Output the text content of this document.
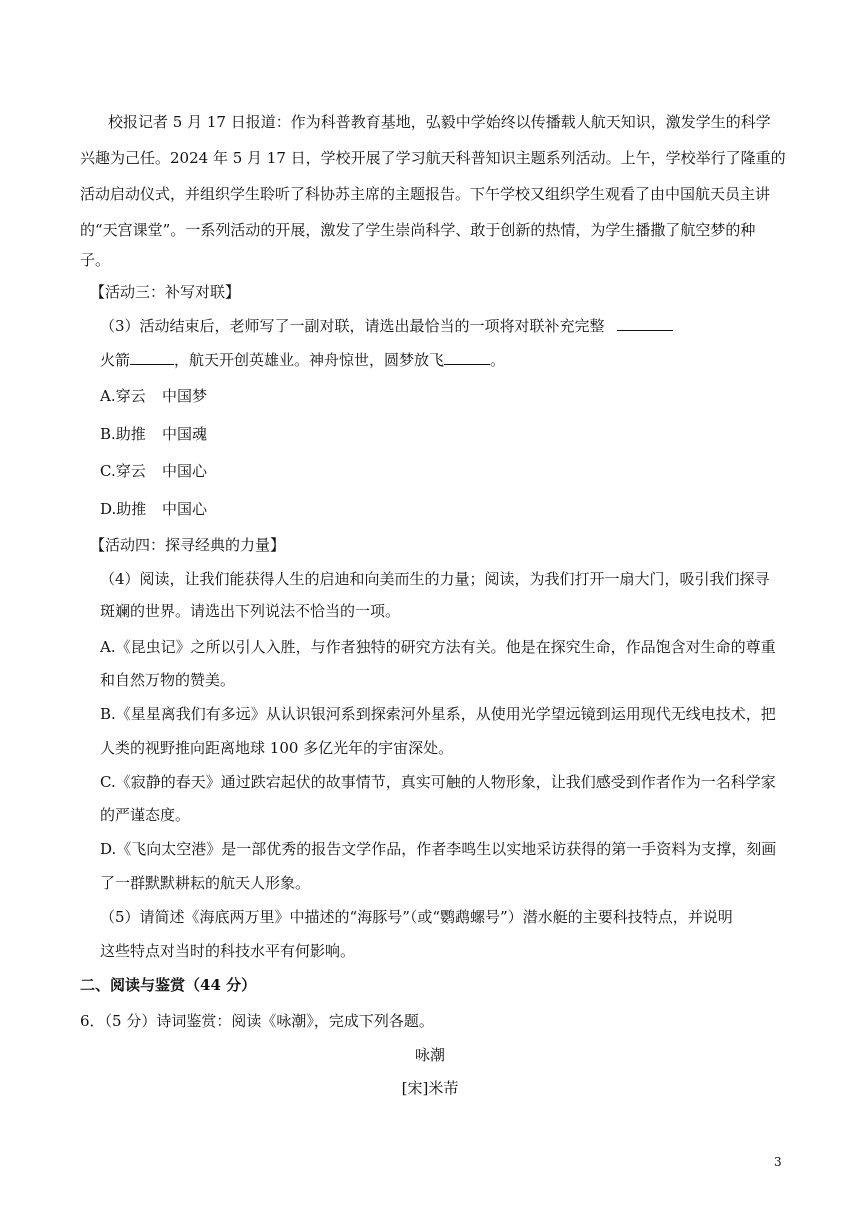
校报记者 5 月 17 日报道：作为科普教育基地，弘毅中学始终以传播载人航天知识，激发学生的科学
兴趣为己任。2024 年 5 月 17 日，学校开展了学习航天科普知识主题系列活动。上午，学校举行了隆重的
活动启动仪式，并组织学生聆听了科协苏主席的主题报告。下午学校又组织学生观看了由中国航天员主讲
的“天宫课堂”。一系列活动的开展，激发了学生崇尚科学、敢于创新的热情，为学生播撒了航空梦的种
子。
【活动三：补写对联】
（3）活动结束后，老师写了一副对联，请选出最恰当的一项将对联补充完整
火箭	，航天开创英雄业。神舟惊世，圆梦放飞	。
A.穿云 中国梦
B.助推 中国魂
C.穿云 中国心
D.助推 中国心
【活动四：探寻经典的力量】
（4）阅读，让我们能获得人生的启迪和向美而生的力量；阅读，为我们打开一扇大门，吸引我们探寻
斑斓的世界。请选出下列说法不恰当的一项。
A.《昆虫记》之所以引人入胜，与作者独特的研究方法有关。他是在探究生命，作品饱含对生命的尊重
和自然万物的赞美。
B.《星星离我们有多远》从认识银河系到探索河外星系，从使用光学望远镜到运用现代无线电技术，把
人类的视野推向距离地球 100 多亿光年的宇宙深处。
C.《寂静的春天》通过跌宕起伏的故事情节，真实可触的人物形象，让我们感受到作者作为一名科学家
的严谨态度。
D.《飞向太空港》是一部优秀的报告文学作品，作者李鸣生以实地采访获得的第一手资料为支撑，刻画
了一群默默耕耘的航天人形象。
（5）请简述《海底两万里》中描述的“海豚号”（或“鹦鹉螺号”）潜水艇的主要科技特点，并说明
这些特点对当时的科技水平有何影响。
二、阅读与鉴赏（44 分）
6．（5 分）诗词鉴赏：阅读《咏潮》，完成下列各题。
咏潮
[宋]米芾
3
